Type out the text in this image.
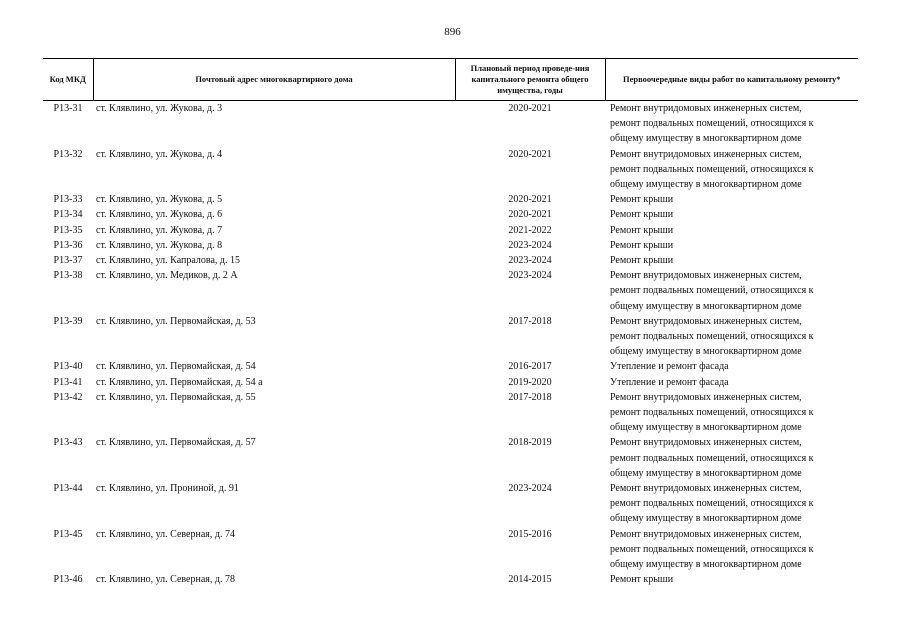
896
Код МКД	Почтовый адрес многоквартирного дома	Плановый период проведе-ния капитального ремонта общего имущества, годы	Первоочередные виды работ по капитальному ремонту*
Р13-31	ст. Клявлино, ул. Жукова, д. 3	2020-2021	Ремонт внутридомовых инженерных систем,
ремонт подвальных помещений, относящихся к
общему имуществу в многоквартирном доме

Р13-32	ст. Клявлино, ул. Жукова, д. 4	2020-2021	Ремонт внутридомовых инженерных систем,
ремонт подвальных помещений, относящихся к
общему имуществу в многоквартирном доме

Р13-33	ст. Клявлино, ул. Жукова, д. 5	2020-2021	Ремонт крыши

Р13-34	ст. Клявлино, ул. Жукова, д. 6	2020-2021	Ремонт крыши

Р13-35	ст. Клявлино, ул. Жукова, д. 7	2021-2022	Ремонт крыши

Р13-36	ст. Клявлино, ул. Жукова, д. 8	2023-2024	Ремонт крыши

Р13-37	ст. Клявлино, ул. Капралова, д. 15	2023-2024	Ремонт крыши

Р13-38	ст. Клявлино, ул. Медиков, д. 2 А	2023-2024	Ремонт внутридомовых инженерных систем,
ремонт подвальных помещений, относящихся к
общему имуществу в многоквартирном доме

Р13-39	ст. Клявлино, ул. Первомайская, д. 53	2017-2018	Ремонт внутридомовых инженерных систем,
ремонт подвальных помещений, относящихся к
общему имуществу в многоквартирном доме

Р13-40	ст. Клявлино, ул. Первомайская, д. 54	2016-2017	Утепление и ремонт фасада

Р13-41	ст. Клявлино, ул. Первомайская, д. 54 а	2019-2020	Утепление и ремонт фасада

Р13-42	ст. Клявлино, ул. Первомайская, д. 55	2017-2018	Ремонт внутридомовых инженерных систем,
ремонт подвальных помещений, относящихся к
общему имуществу в многоквартирном доме

Р13-43	ст. Клявлино, ул. Первомайская, д. 57	2018-2019	Ремонт внутридомовых инженерных систем,
ремонт подвальных помещений, относящихся к
общему имуществу в многоквартирном доме

Р13-44	ст. Клявлино, ул. Прониной, д. 91	2023-2024	Ремонт внутридомовых инженерных систем,
ремонт подвальных помещений, относящихся к
общему имуществу в многоквартирном доме

Р13-45	ст. Клявлино, ул. Северная, д. 74	2015-2016	Ремонт внутридомовых инженерных систем,
ремонт подвальных помещений, относящихся к
общему имуществу в многоквартирном доме

Р13-46	ст. Клявлино, ул. Северная, д. 78	2014-2015	Ремонт крыши
